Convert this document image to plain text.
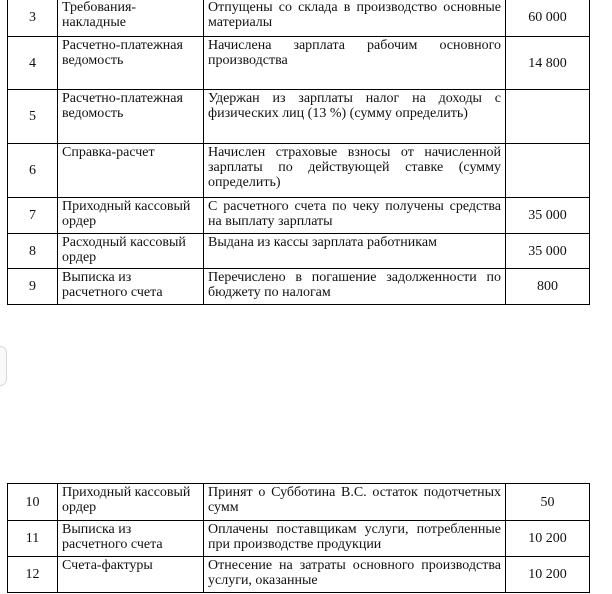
3	Требования-накладные	Отпущены со склада в производство основные материалы	60 000
4	Расчетно-платежная ведомость	Начислена зарплата рабочим основного производства	14 800
5	Расчетно-платежная ведомость	Удержан из зарплаты налог на доходы с физических лиц (13 %) (сумму определить)	
6	Справка-расчет	Начислен страховые взносы от начисленной зарплаты по действующей ставке (сумму определить)	
7	Приходный кассовый ордер	С расчетного счета по чеку получены средства на выплату зарплаты	35 000
8	Расходный кассовый ордер	Выдана из кассы зарплата работникам	35 000
9	Выписка из расчетного счета	Перечислено в погашение задолженности по бюджету по налогам	800
10	Приходный кассовый ордер	Принят о Субботина В.С. остаток подотчетных сумм	50
11	Выписка из расчетного счета	Оплачены поставщикам услуги, потребленные при производстве продукции	10 200
12	Счета-фактуры	Отнесение на затраты основного производства услуги, оказанные	10 200
